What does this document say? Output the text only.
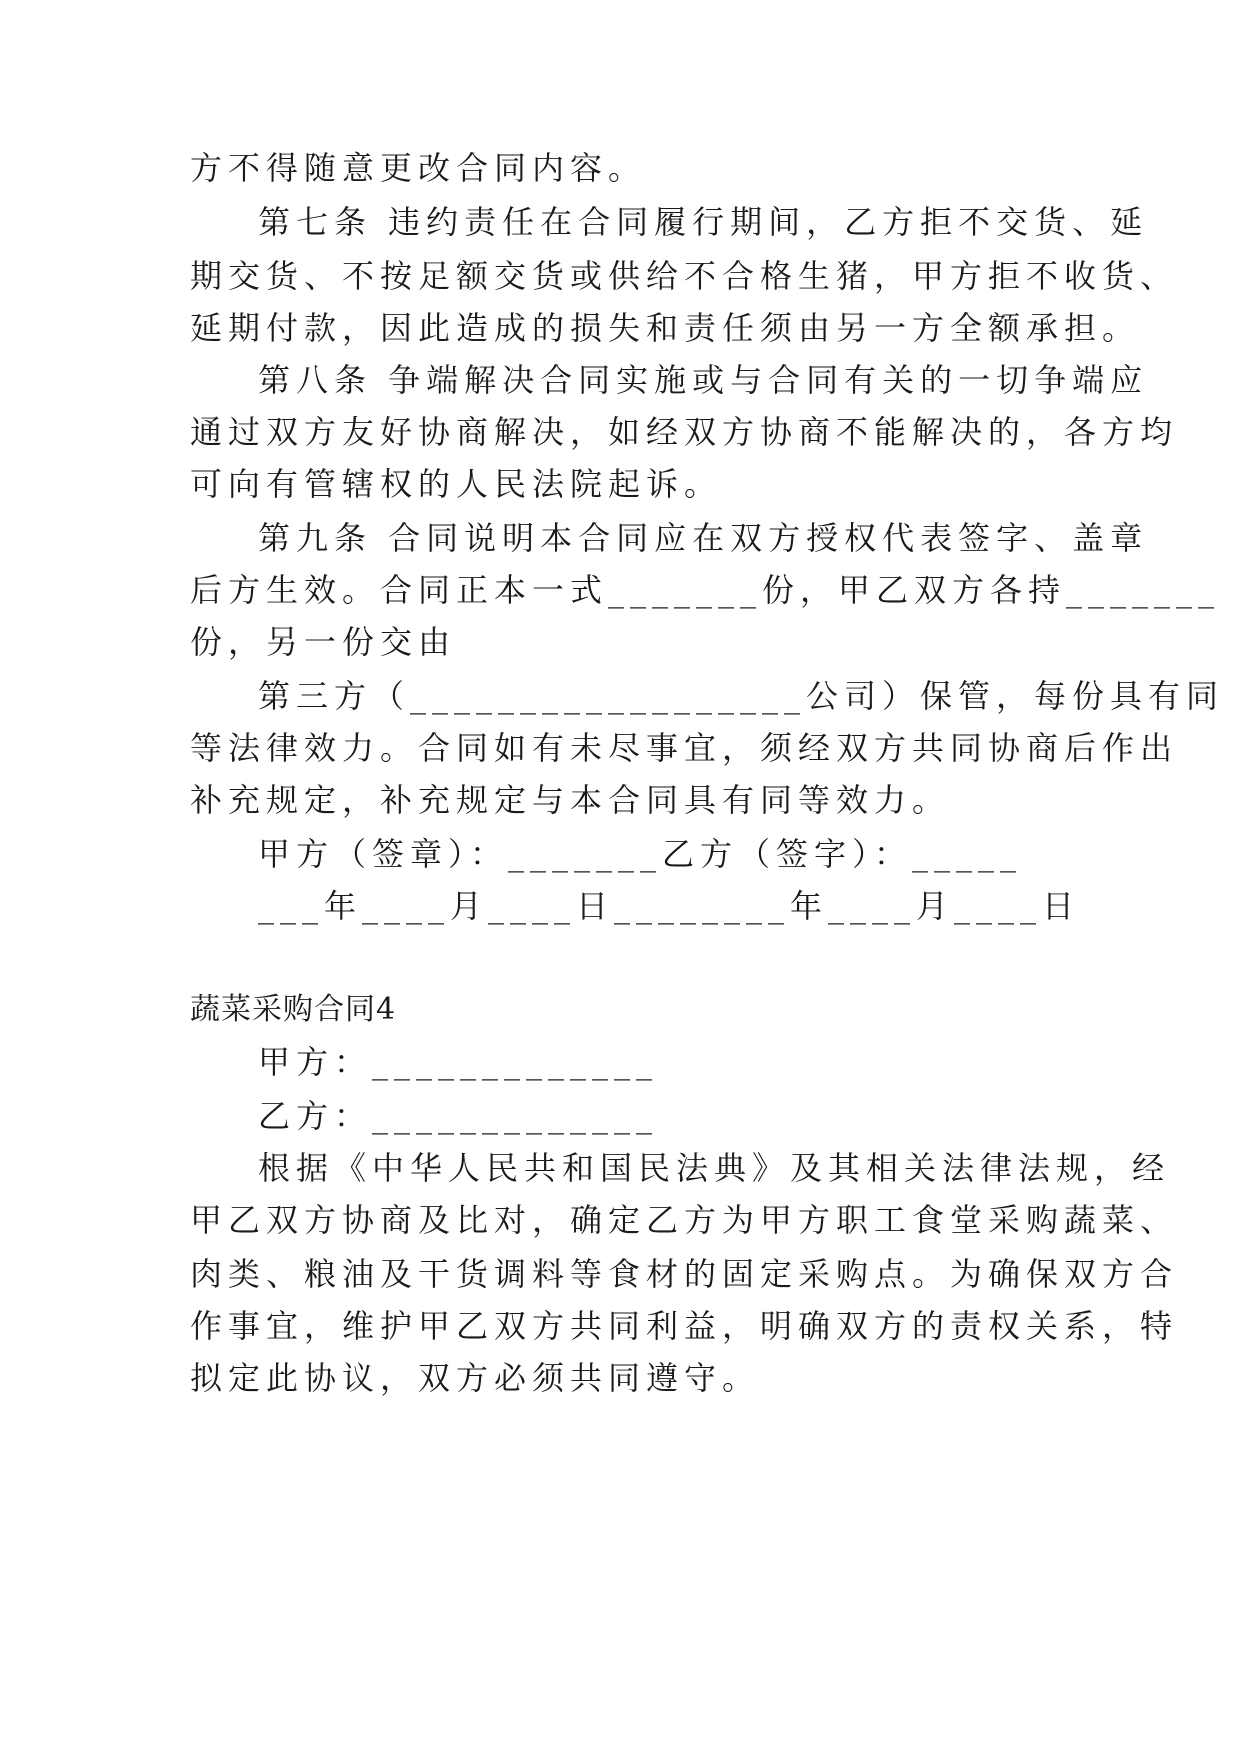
方不得随意更改合同内容。
第七条 违约责任在合同履行期间，乙方拒不交货、延
期交货、不按足额交货或供给不合格生猪，甲方拒不收货、
延期付款，因此造成的损失和责任须由另一方全额承担。
第八条 争端解决合同实施或与合同有关的一切争端应
通过双方友好协商解决，如经双方协商不能解决的，各方均
可向有管辖权的人民法院起诉。
第九条 合同说明本合同应在双方授权代表签字、盖章
后方生效。合同正本一式_______份，甲乙双方各持_______
份，另一份交由
第三方（__________________公司）保管，每份具有同
等法律效力。合同如有未尽事宜，须经双方共同协商后作出
补充规定，补充规定与本合同具有同等效力。
甲方（签章）：_______乙方（签字）：_____
___年____月____日________年____月____日
蔬菜采购合同4
甲方：_____________
乙方：_____________
根据《中华人民共和国民法典》及其相关法律法规，经
甲乙双方协商及比对，确定乙方为甲方职工食堂采购蔬菜、
肉类、粮油及干货调料等食材的固定采购点。为确保双方合
作事宜，维护甲乙双方共同利益，明确双方的责权关系，特
拟定此协议，双方必须共同遵守。
